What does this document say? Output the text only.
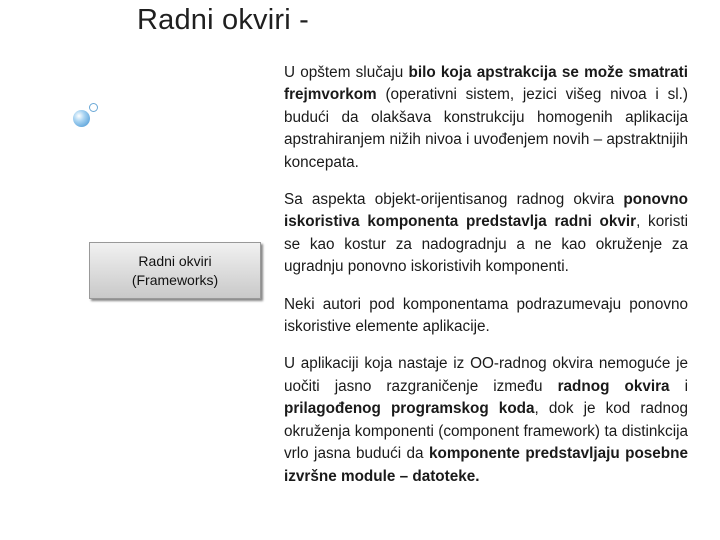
Radni okviri -
Radni okviri
(Frameworks)

U opštem slučaju bilo koja apstrakcija se može smatrati frejmvorkom (operativni sistem, jezici višeg nivoa i sl.) budući da olakšava konstrukciju homogenih aplikacija apstrahiranjem nižih nivoa i uvođenjem novih – apstraktnijih koncepata.

Sa aspekta objekt-orijentisanog radnog okvira ponovno iskoristiva komponenta predstavlja radni okvir, koristi se kao kostur za nadogradnju a ne kao okruženje za ugradnju ponovno iskoristivih komponenti.

Neki autori pod komponentama podrazumevaju ponovno iskoristive elemente aplikacije.

U aplikaciji koja nastaje iz OO-radnog okvira nemoguće je uočiti jasno razgraničenje između radnog okvira i prilagođenog programskog koda, dok je kod radnog okruženja komponenti (component framework) ta distinkcija vrlo jasna budući da komponente predstavljaju posebne izvršne module – datoteke.
